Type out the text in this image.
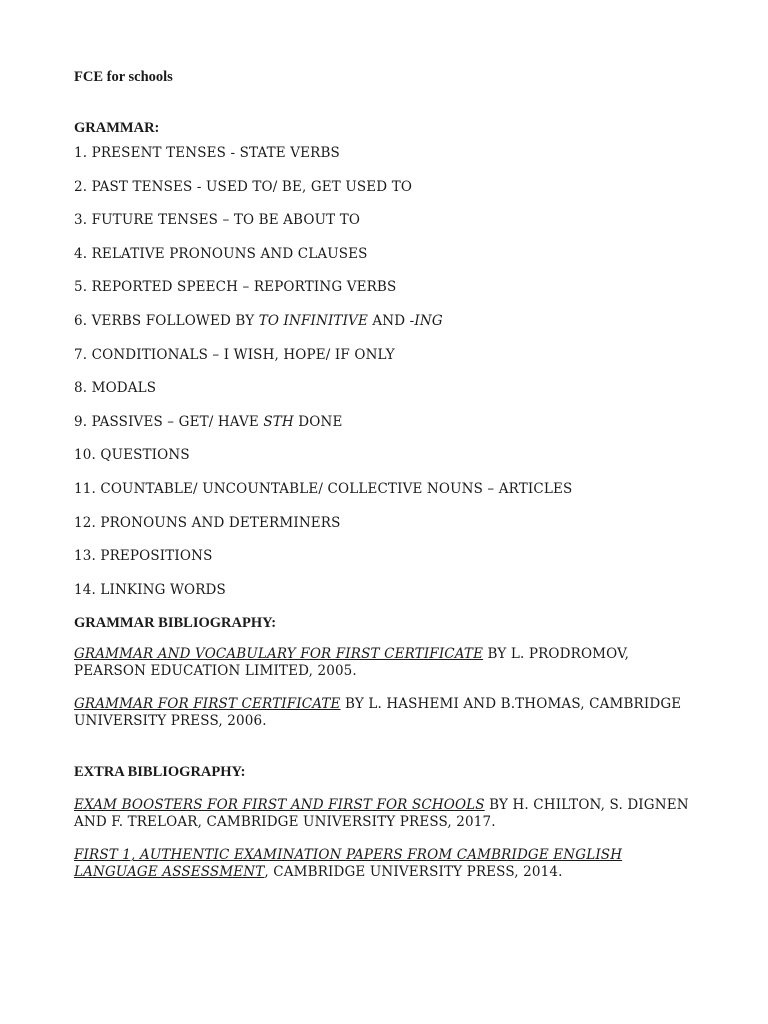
FCE for schools

GRAMMAR:

1. PRESENT TENSES - STATE VERBS
2. PAST TENSES - USED TO/ BE, GET USED TO
3. FUTURE TENSES – TO BE ABOUT TO
4. RELATIVE PRONOUNS AND CLAUSES
5. REPORTED SPEECH – REPORTING VERBS
6. VERBS FOLLOWED BY TO INFINITIVE AND -ING
7. CONDITIONALS – I WISH, HOPE/ IF ONLY
8. MODALS
9. PASSIVES – GET/ HAVE STH DONE
10. QUESTIONS
11. COUNTABLE/ UNCOUNTABLE/ COLLECTIVE NOUNS – ARTICLES
12. PRONOUNS AND DETERMINERS
13. PREPOSITIONS
14. LINKING WORDS

GRAMMAR BIBLIOGRAPHY:

GRAMMAR AND VOCABULARY FOR FIRST CERTIFICATE BY L. PRODROMOV, PEARSON EDUCATION LIMITED, 2005.

GRAMMAR FOR FIRST CERTIFICATE BY L. HASHEMI AND B.THOMAS, CAMBRIDGE UNIVERSITY PRESS, 2006.

EXTRA BIBLIOGRAPHY:

EXAM BOOSTERS FOR FIRST AND FIRST FOR SCHOOLS BY H. CHILTON, S. DIGNEN AND F. TRELOAR, CAMBRIDGE UNIVERSITY PRESS, 2017.

FIRST 1, AUTHENTIC EXAMINATION PAPERS FROM CAMBRIDGE ENGLISH LANGUAGE ASSESSMENT, CAMBRIDGE UNIVERSITY PRESS, 2014.
